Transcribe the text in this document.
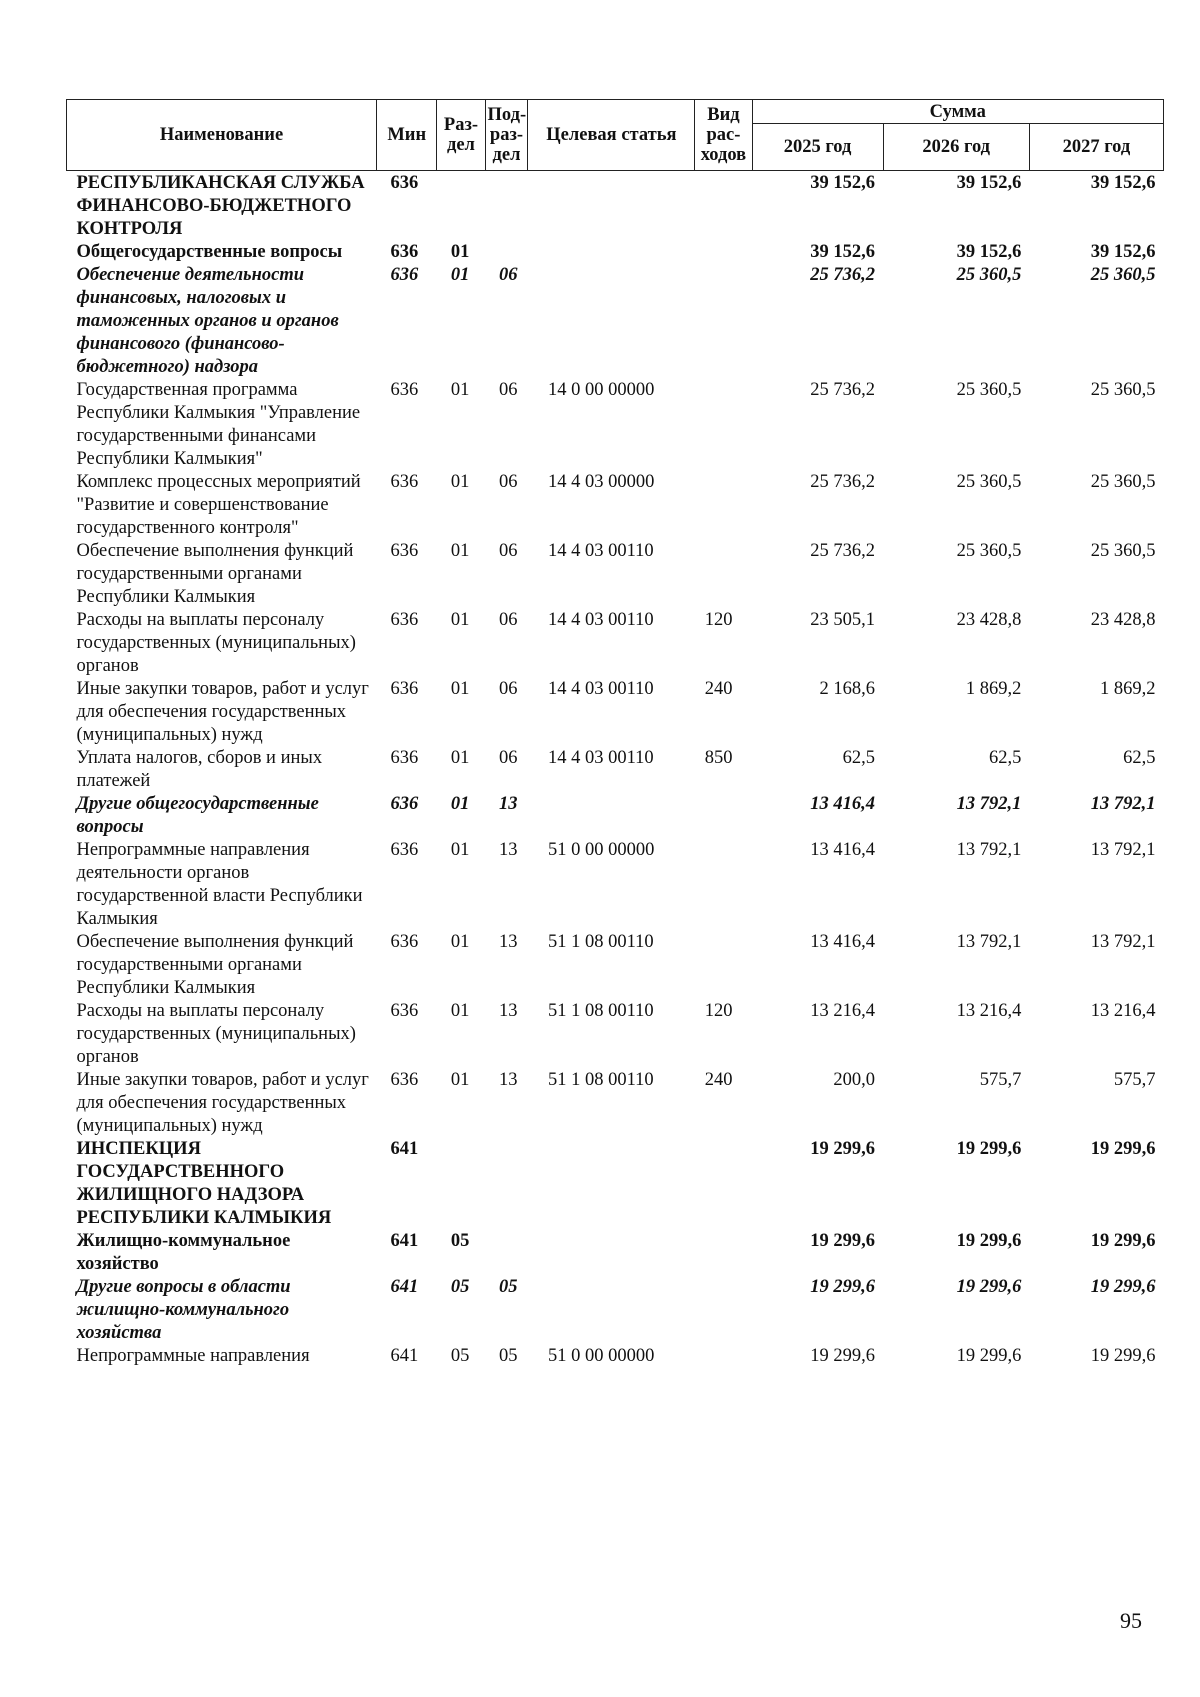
Наименование	Мин	Раз- дел	Под- раз- дел	Целевая статья	Вид рас- ходов	Сумма		
						2025 год	2026 год	2027 год
РЕСПУБЛИКАНСКАЯ СЛУЖБА ФИНАНСОВО-БЮДЖЕТНОГО КОНТРОЛЯ	636					39 152,6	39 152,6	39 152,6
Общегосударственные вопросы	636	01				39 152,6	39 152,6	39 152,6
Обеспечение деятельности финансовых, налоговых и таможенных органов и органов финансового (финансово-бюджетного) надзора	636	01	06			25 736,2	25 360,5	25 360,5
Государственная программа Республики Калмыкия "Управление государственными финансами Республики Калмыкия"	636	01	06	14 0 00 00000		25 736,2	25 360,5	25 360,5
Комплекс процессных мероприятий "Развитие и совершенствование государственного контроля"	636	01	06	14 4 03 00000		25 736,2	25 360,5	25 360,5
Обеспечение выполнения функций государственными органами Республики Калмыкия	636	01	06	14 4 03 00110		25 736,2	25 360,5	25 360,5
Расходы на выплаты персоналу государственных (муниципальных) органов	636	01	06	14 4 03 00110	120	23 505,1	23 428,8	23 428,8
Иные закупки товаров, работ и услуг для обеспечения государственных (муниципальных) нужд	636	01	06	14 4 03 00110	240	2 168,6	1 869,2	1 869,2
Уплата налогов, сборов и иных платежей	636	01	06	14 4 03 00110	850	62,5	62,5	62,5
Другие общегосударственные вопросы	636	01	13			13 416,4	13 792,1	13 792,1
Непрограммные направления деятельности органов государственной власти Республики Калмыкия	636	01	13	51 0 00 00000		13 416,4	13 792,1	13 792,1
Обеспечение выполнения функций государственными органами Республики Калмыкия	636	01	13	51 1 08 00110		13 416,4	13 792,1	13 792,1
Расходы на выплаты персоналу государственных (муниципальных) органов	636	01	13	51 1 08 00110	120	13 216,4	13 216,4	13 216,4
Иные закупки товаров, работ и услуг для обеспечения государственных (муниципальных) нужд	636	01	13	51 1 08 00110	240	200,0	575,7	575,7
ИНСПЕКЦИЯ ГОСУДАРСТВЕННОГО ЖИЛИЩНОГО НАДЗОРА РЕСПУБЛИКИ КАЛМЫКИЯ	641					19 299,6	19 299,6	19 299,6
Жилищно-коммунальное хозяйство	641	05				19 299,6	19 299,6	19 299,6
Другие вопросы в области жилищно-коммунального хозяйства	641	05	05			19 299,6	19 299,6	19 299,6
Непрограммные направления	641	05	05	51 0 00 00000		19 299,6	19 299,6	19 299,6
95
